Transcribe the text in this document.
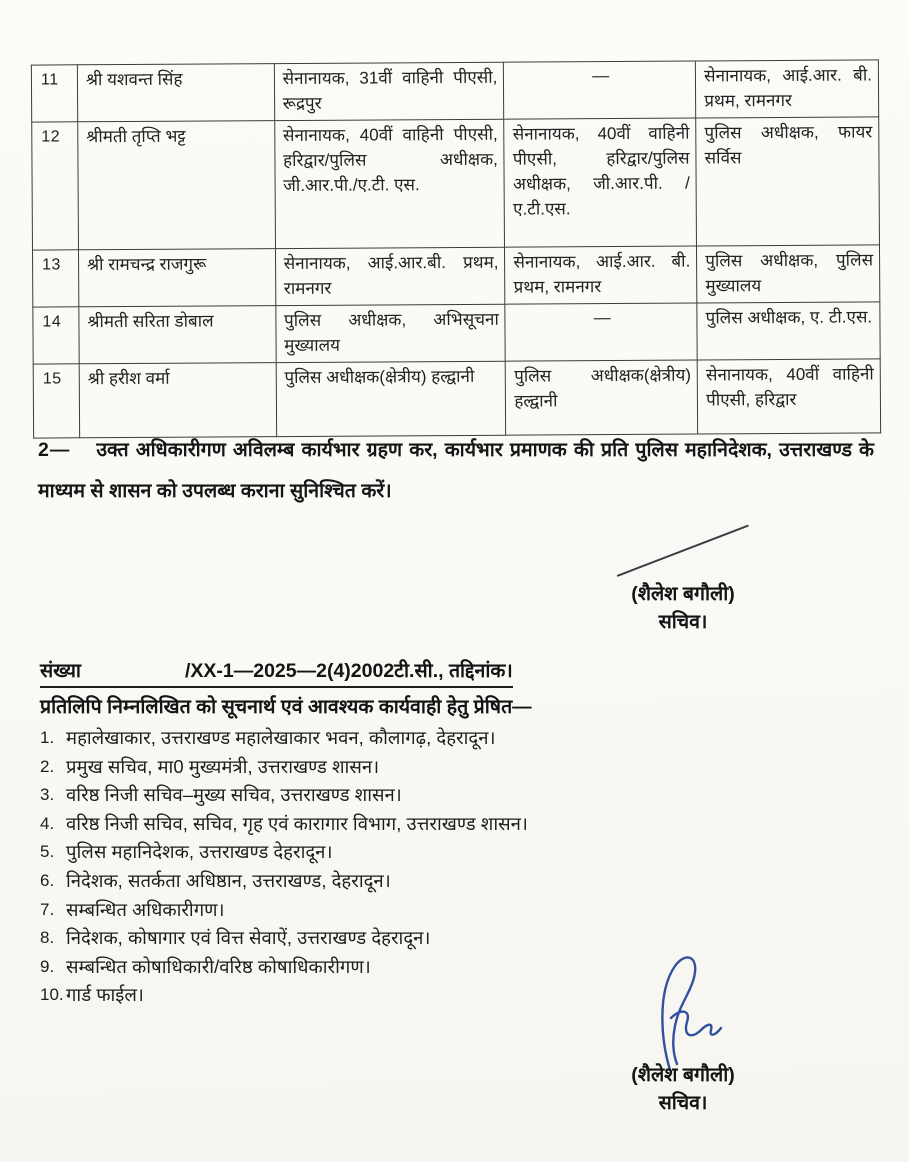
11	श्री यशवन्त सिंह	सेनानायक, 31वीं वाहिनी पीएसी, रूद्रपुर	—	सेनानायक, आई.आर. बी. प्रथम, रामनगर
12	श्रीमती तृप्ति भट्ट	सेनानायक, 40वीं वाहिनी पीएसी, हरिद्वार/पुलिस अधीक्षक, जी.आर.पी./ए.टी. एस.	सेनानायक, 40वीं वाहिनी पीएसी, हरिद्वार/पुलिस अधीक्षक, जी.आर.पी. /ए.टी.एस.	पुलिस अधीक्षक, फायर सर्विस
13	श्री रामचन्द्र राजगुरू	सेनानायक, आई.आर.बी. प्रथम, रामनगर	सेनानायक, आई.आर. बी. प्रथम, रामनगर	पुलिस अधीक्षक, पुलिस मुख्यालय
14	श्रीमती सरिता डोबाल	पुलिस अधीक्षक, अभिसूचना मुख्यालय	—	पुलिस अधीक्षक, ए. टी.एस.
15	श्री हरीश वर्मा	पुलिस अधीक्षक(क्षेत्रीय) हल्द्वानी	पुलिस अधीक्षक(क्षेत्रीय) हल्द्वानी	सेनानायक, 40वीं वाहिनी पीएसी, हरिद्वार
2— उक्त अधिकारीगण अविलम्ब कार्यभार ग्रहण कर, कार्यभार प्रमाणक की प्रति पुलिस महानिदेशक, उत्तराखण्ड के माध्यम से शासन को उपलब्ध कराना सुनिश्चित करें।
(शैलेश बगौली)
सचिव।
संख्या	/XX-1—2025—2(4)2002टी.सी., तद्दिनांक।
प्रतिलिपि निम्नलिखित को सूचनार्थ एवं आवश्यक कार्यवाही हेतु प्रेषित—
1. महालेखाकार, उत्तराखण्ड महालेखाकार भवन, कौलागढ़, देहरादून।
2. प्रमुख सचिव, मा0 मुख्यमंत्री, उत्तराखण्ड शासन।
3. वरिष्ठ निजी सचिव–मुख्य सचिव, उत्तराखण्ड शासन।
4. वरिष्ठ निजी सचिव, सचिव, गृह एवं कारागार विभाग, उत्तराखण्ड शासन।
5. पुलिस महानिदेशक, उत्तराखण्ड देहरादून।
6. निदेशक, सतर्कता अधिष्ठान, उत्तराखण्ड, देहरादून।
7. सम्बन्धित अधिकारीगण।
8. निदेशक, कोषागार एवं वित्त सेवाऐं, उत्तराखण्ड देहरादून।
9. सम्बन्धित कोषाधिकारी/वरिष्ठ कोषाधिकारीगण।
10. गार्ड फाईल।
(शैलेश बगौली)
सचिव।
